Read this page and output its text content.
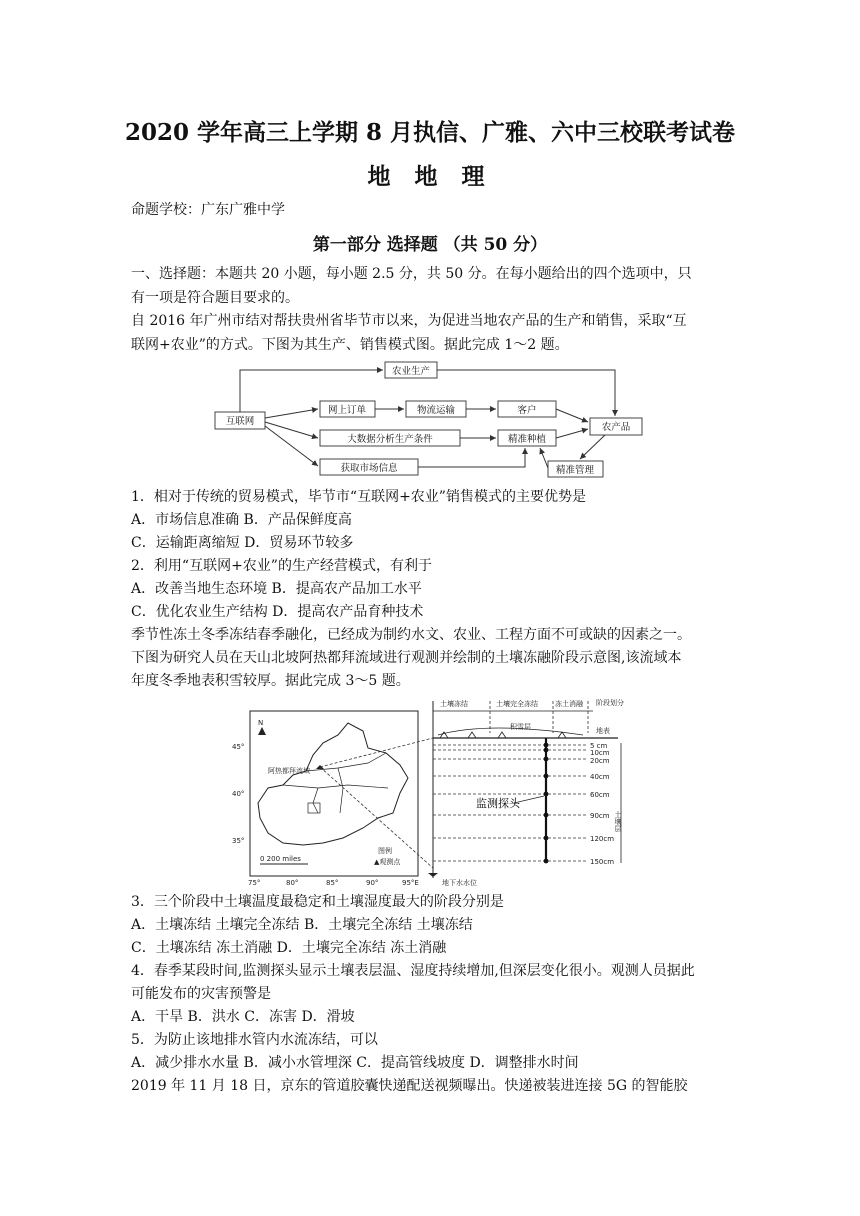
2020 学年高三上学期 8 月执信、广雅、六中三校联考试卷
地 地 理
命题学校：广东广雅中学
第一部分 选择题 （共 50 分）
一、选择题：本题共 20 小题，每小题 2.5 分，共 50 分。在每小题给出的四个选项中，只
有一项是符合题目要求的。
自 2016 年广州市结对帮扶贵州省毕节市以来，为促进当地农产品的生产和销售，采取“互
联网+农业”的方式。下图为其生产、销售模式图。据此完成 1～2 题。
互联网
农业生产
网上订单	物流运输	客户
大数据分析生产条件	精准种植
农产品
获取市场信息	精准管理
1．相对于传统的贸易模式，毕节市“互联网+农业”销售模式的主要优势是
A．市场信息准确 B．产品保鲜度高
C．运输距离缩短 D．贸易环节较多
2．利用“互联网+农业”的生产经营模式，有利于
A．改善当地生态环境 B．提高农产品加工水平
C．优化农业生产结构 D．提高农产品育种技术
季节性冻土冬季冻结春季融化，已经成为制约水文、农业、工程方面不可或缺的因素之一。
下图为研究人员在天山北坡阿热都拜流域进行观测并绘制的土壤冻融阶段示意图,该流域本
年度冬季地表积雪较厚。据此完成 3～5 题。
N
45°
40°
35°
75°	80°	85°	90°	95°E
阿热都拜流域
0 200 miles
图例
▲观测点
土壤冻结	土壤完全冻结 冻土消融 阶段划分
积雪层	地表
5 cm
10cm
20cm
40cm
60cm
90cm
120cm
150cm
监测探头
土壤层
地下水水位
3．三个阶段中土壤温度最稳定和土壤湿度最大的阶段分别是
A．土壤冻结 土壤完全冻结 B．土壤完全冻结 土壤冻结
C．土壤冻结 冻土消融 D．土壤完全冻结 冻土消融
4．春季某段时间,监测探头显示土壤表层温、湿度持续增加,但深层变化很小。观测人员据此
可能发布的灾害预警是
A．干旱 B．洪水 C．冻害 D．滑坡
5．为防止该地排水管内水流冻结，可以
A．减少排水水量 B．减小水管埋深 C．提高管线坡度 D．调整排水时间
2019 年 11 月 18 日，京东的管道胶囊快递配送视频曝出。快递被装进连接 5G 的智能胶
